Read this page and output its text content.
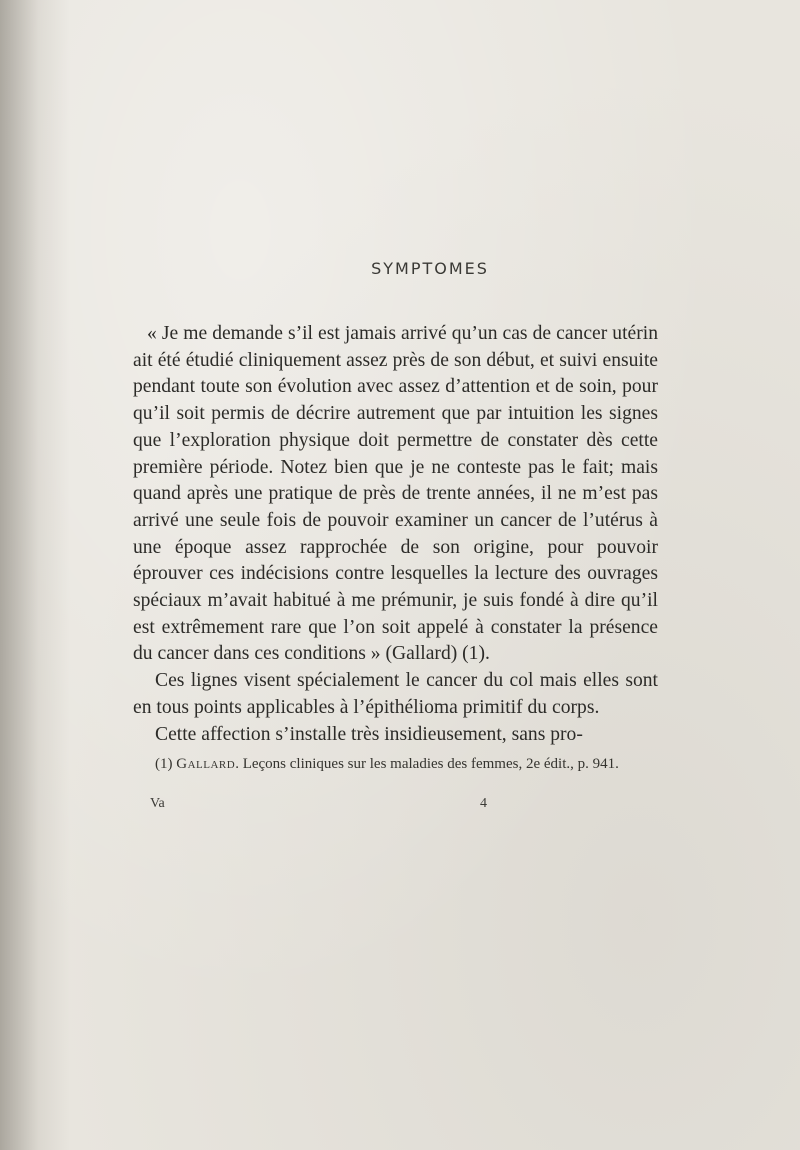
SYMPTOMES

« Je me demande s’il est jamais arrivé qu’un cas de cancer utérin ait été étudié cliniquement assez près de son début, et suivi ensuite pendant toute son évolution avec assez d’attention et de soin, pour qu’il soit permis de décrire autrement que par intuition les signes que l’exploration physique doit permettre de constater dès cette première période. Notez bien que je ne conteste pas le fait; mais quand après une pratique de près de trente années, il ne m’est pas arrivé une seule fois de pouvoir examiner un cancer de l’utérus à une époque assez rapprochée de son origine, pour pouvoir éprouver ces indécisions contre lesquelles la lecture des ouvrages spéciaux m’avait habitué à me prémunir, je suis fondé à dire qu’il est extrêmement rare que l’on soit appelé à constater la présence du cancer dans ces conditions » (Gallard) (1).

Ces lignes visent spécialement le cancer du col mais elles sont en tous points applicables à l’épithélioma primitif du corps.

Cette affection s’installe très insidieusement, sans pro-

(1) Gallard. Leçons cliniques sur les maladies des femmes, 2e édit., p. 941.
Va	4
